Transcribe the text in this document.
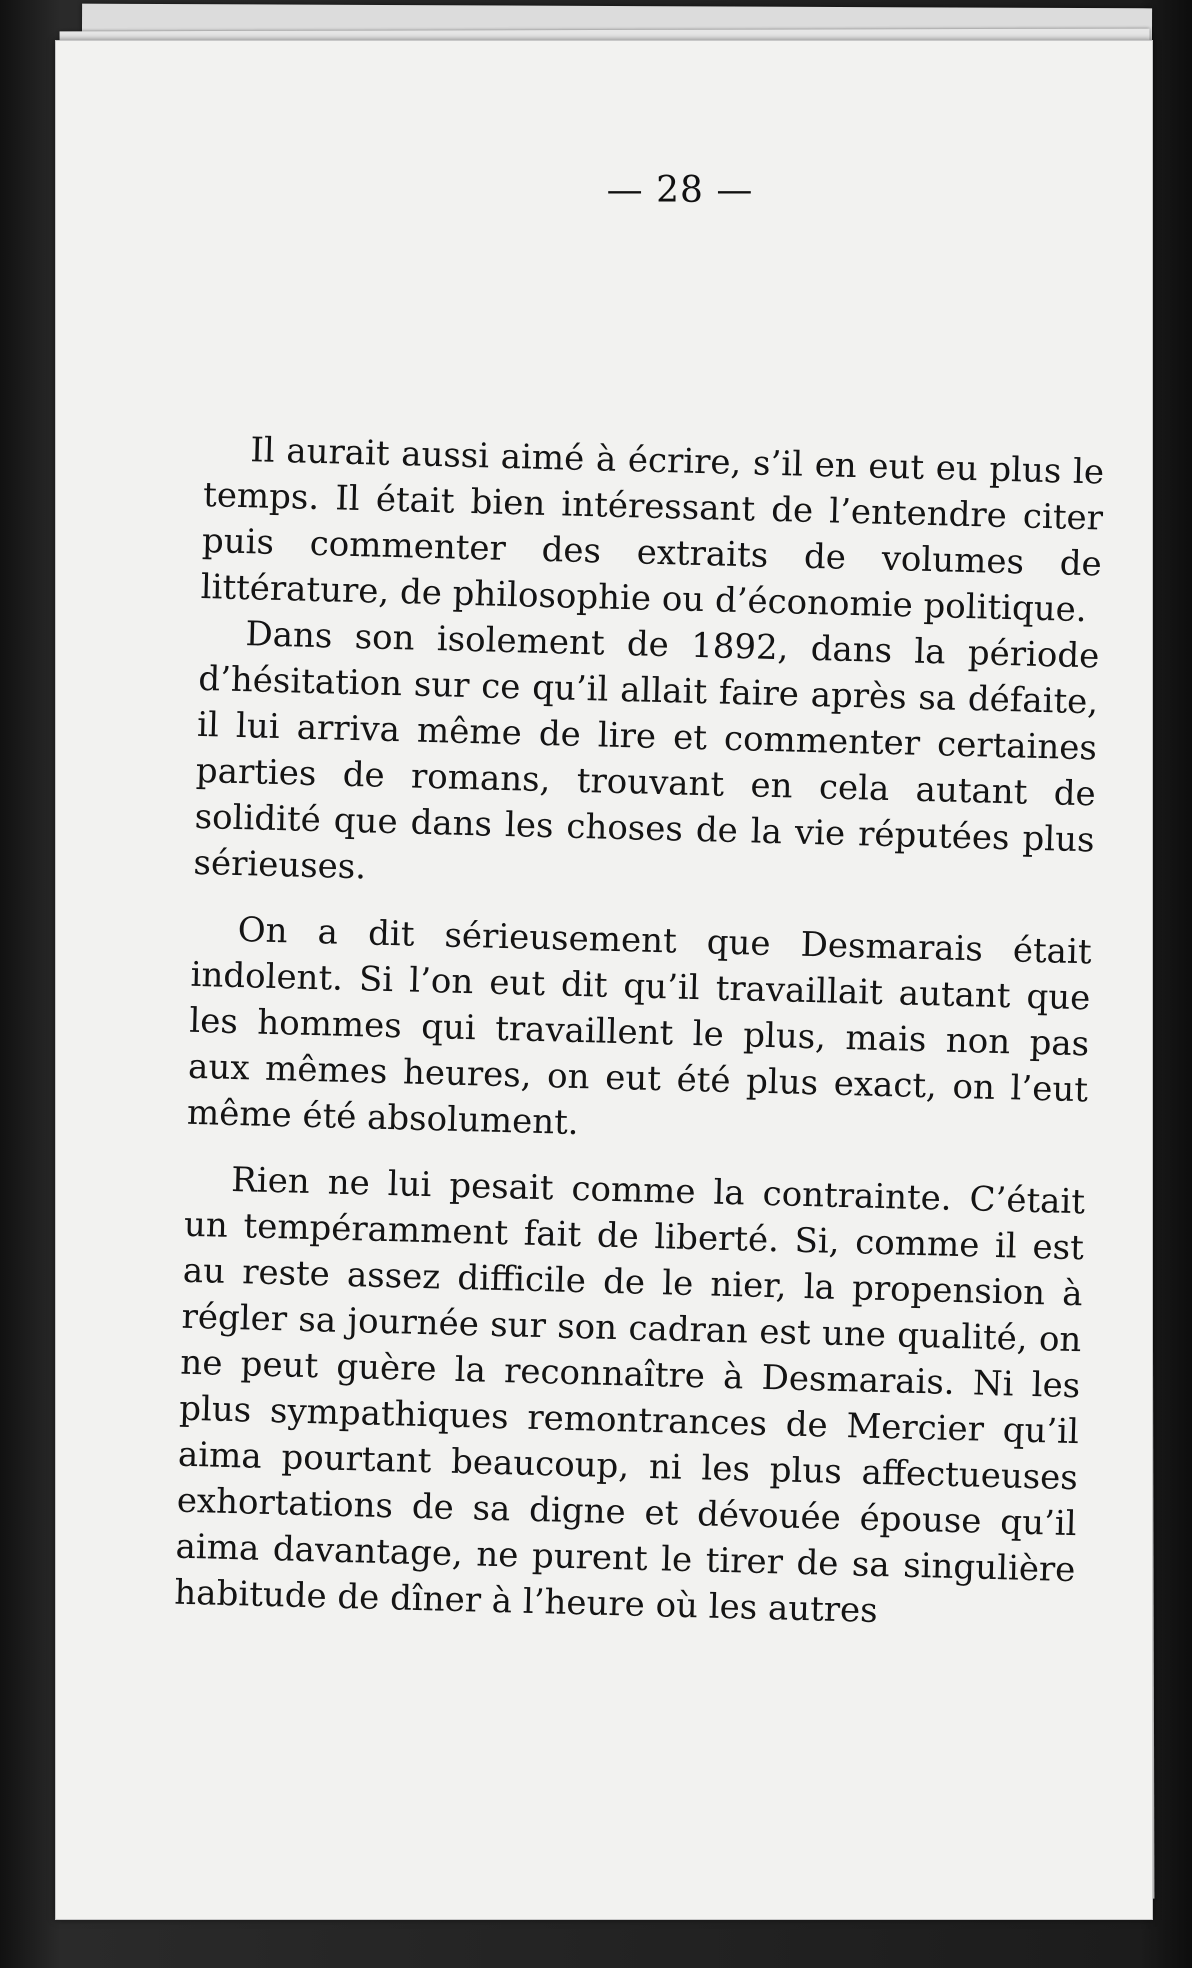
— 28 —

Il aurait aussi aimé à écrire, s’il en eut eu plus le temps. Il était bien intéressant de l’entendre citer puis commenter des extraits de volumes de littérature, de philosophie ou d’économie politique.

Dans son isolement de 1892, dans la période d’hésitation sur ce qu’il allait faire après sa défaite, il lui arriva même de lire et commenter certaines parties de romans, trouvant en cela autant de solidité que dans les choses de la vie réputées plus sérieuses.

On a dit sérieusement que Desmarais était indolent. Si l’on eut dit qu’il travaillait autant que les hommes qui travaillent le plus, mais non pas aux mêmes heures, on eut été plus exact, on l’eut même été absolument.

Rien ne lui pesait comme la contrainte. C’était un tempéramment fait de liberté. Si, comme il est au reste assez difficile de le nier, la propension à régler sa journée sur son cadran est une qualité, on ne peut guère la reconnaître à Desmarais. Ni les plus sympathiques remontrances de Mercier qu’il aima pourtant beaucoup, ni les plus affectueuses exhortations de sa digne et dévouée épouse qu’il aima davantage, ne purent le tirer de sa singulière habitude de dîner à l’heure où les autres
